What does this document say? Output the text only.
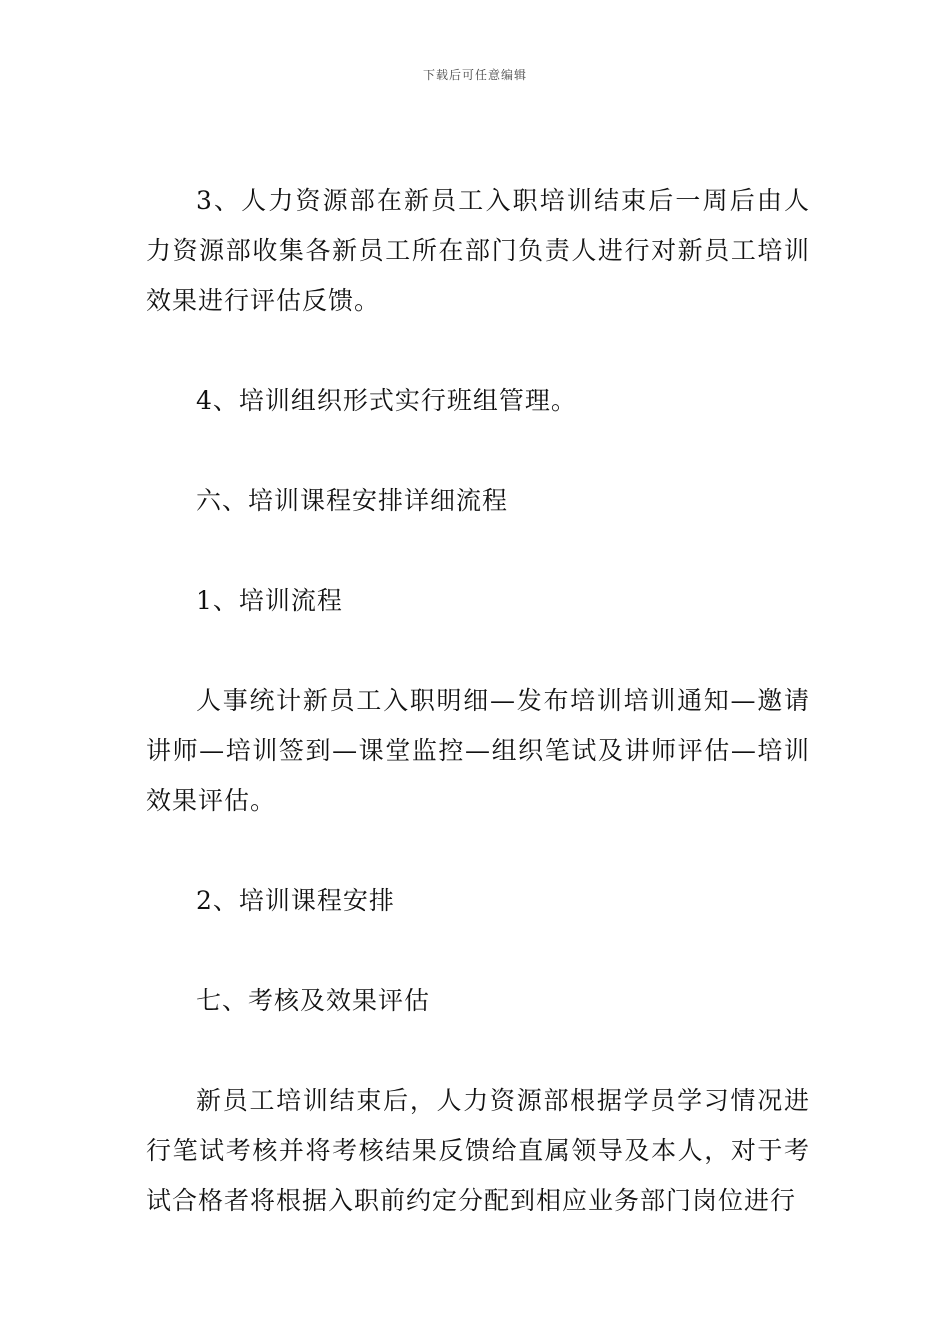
下载后可任意编辑

3、人力资源部在新员工入职培训结束后一周后由人力资源部收集各新员工所在部门负责人进行对新员工培训效果进行评估反馈。

4、培训组织形式实行班组管理。

六、培训课程安排详细流程

1、培训流程

人事统计新员工入职明细—发布培训培训通知—邀请讲师—培训签到—课堂监控—组织笔试及讲师评估—培训效果评估。

2、培训课程安排

七、考核及效果评估

新员工培训结束后，人力资源部根据学员学习情况进行笔试考核并将考核结果反馈给直属领导及本人，对于考试合格者将根据入职前约定分配到相应业务部门岗位进行
